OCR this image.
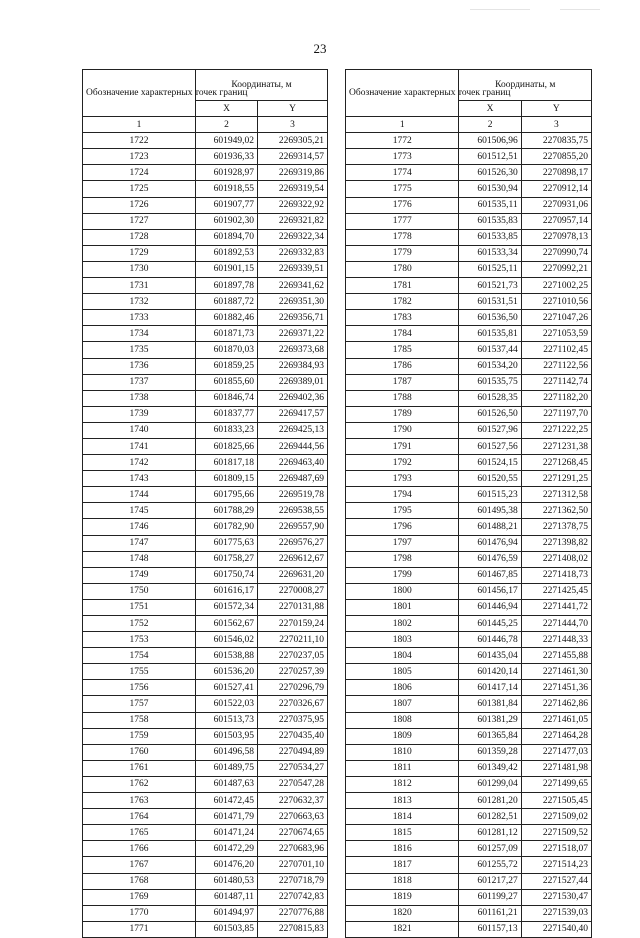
23
Обозначение характерных точек границ	Координаты, м	
	X	Y
1	2	3
1722	601949,02	2269305,21
1723	601936,33	2269314,57
1724	601928,97	2269319,86
1725	601918,55	2269319,54
1726	601907,77	2269322,92
1727	601902,30	2269321,82
1728	601894,70	2269322,34
1729	601892,53	2269332,83
1730	601901,15	2269339,51
1731	601897,78	2269341,62
1732	601887,72	2269351,30
1733	601882,46	2269356,71
1734	601871,73	2269371,22
1735	601870,03	2269373,68
1736	601859,25	2269384,93
1737	601855,60	2269389,01
1738	601846,74	2269402,36
1739	601837,77	2269417,57
1740	601833,23	2269425,13
1741	601825,66	2269444,56
1742	601817,18	2269463,40
1743	601809,15	2269487,69
1744	601795,66	2269519,78
1745	601788,29	2269538,55
1746	601782,90	2269557,90
1747	601775,63	2269576,27
1748	601758,27	2269612,67
1749	601750,74	2269631,20
1750	601616,17	2270008,27
1751	601572,34	2270131,88
1752	601562,67	2270159,24
1753	601546,02	2270211,10
1754	601538,88	2270237,05
1755	601536,20	2270257,39
1756	601527,41	2270296,79
1757	601522,03	2270326,67
1758	601513,73	2270375,95
1759	601503,95	2270435,40
1760	601496,58	2270494,89
1761	601489,75	2270534,27
1762	601487,63	2270547,28
1763	601472,45	2270632,37
1764	601471,79	2270663,63
1765	601471,24	2270674,65
1766	601472,29	2270683,96
1767	601476,20	2270701,10
1768	601480,53	2270718,79
1769	601487,11	2270742,83
1770	601494,97	2270776,88
1771	601503,85	2270815,83
Обозначение характерных точек границ	Координаты, м	
	X	Y
1	2	3
1772	601506,96	2270835,75
1773	601512,51	2270855,20
1774	601526,30	2270898,17
1775	601530,94	2270912,14
1776	601535,11	2270931,06
1777	601535,83	2270957,14
1778	601533,85	2270978,13
1779	601533,34	2270990,74
1780	601525,11	2270992,21
1781	601521,73	2271002,25
1782	601531,51	2271010,56
1783	601536,50	2271047,26
1784	601535,81	2271053,59
1785	601537,44	2271102,45
1786	601534,20	2271122,56
1787	601535,75	2271142,74
1788	601528,35	2271182,20
1789	601526,50	2271197,70
1790	601527,96	2271222,25
1791	601527,56	2271231,38
1792	601524,15	2271268,45
1793	601520,55	2271291,25
1794	601515,23	2271312,58
1795	601495,38	2271362,50
1796	601488,21	2271378,75
1797	601476,94	2271398,82
1798	601476,59	2271408,02
1799	601467,85	2271418,73
1800	601456,17	2271425,45
1801	601446,94	2271441,72
1802	601445,25	2271444,70
1803	601446,78	2271448,33
1804	601435,04	2271455,88
1805	601420,14	2271461,30
1806	601417,14	2271451,36
1807	601381,84	2271462,86
1808	601381,29	2271461,05
1809	601365,84	2271464,28
1810	601359,28	2271477,03
1811	601349,42	2271481,98
1812	601299,04	2271499,65
1813	601281,20	2271505,45
1814	601282,51	2271509,02
1815	601281,12	2271509,52
1816	601257,09	2271518,07
1817	601255,72	2271514,23
1818	601217,27	2271527,44
1819	601199,27	2271530,47
1820	601161,21	2271539,03
1821	601157,13	2271540,40
